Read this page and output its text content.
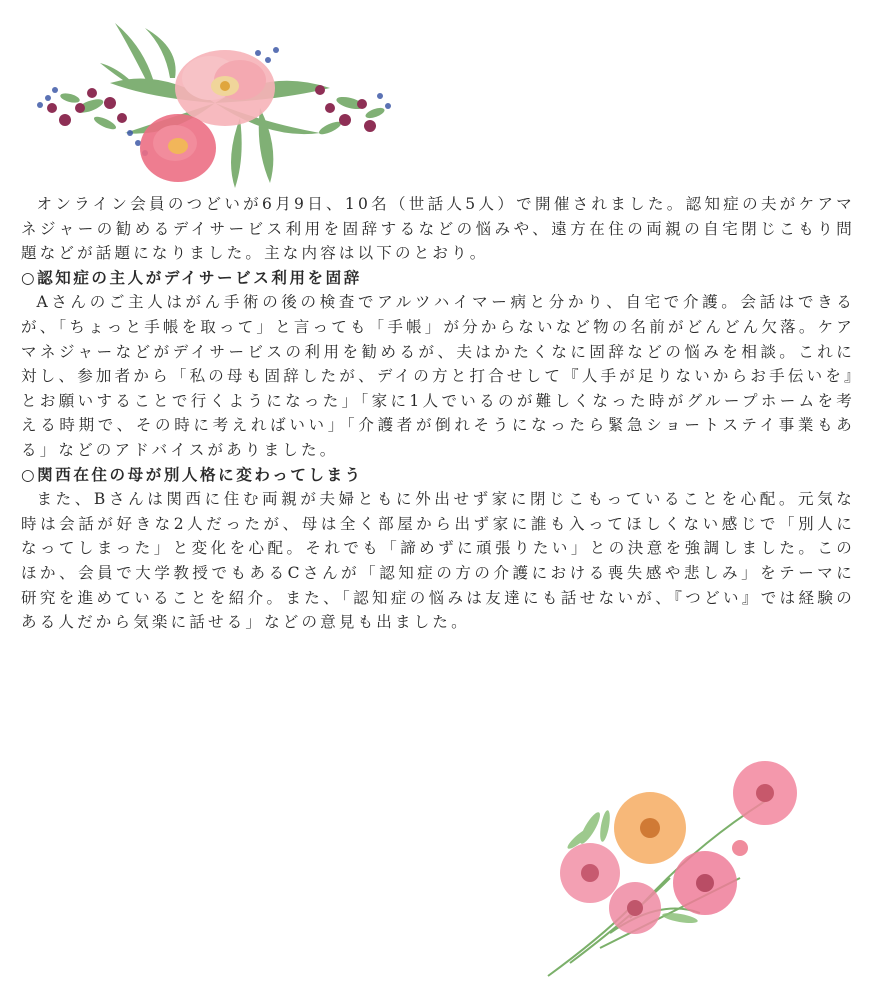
オンライン会員のつどいが6月9日、10名（世話人5人）で開催されました。認知症の夫がケアマネジャーの勧めるデイサービス利用を固辞するなどの悩みや、遠方在住の両親の自宅閉じこもり問題などが話題になりました。主な内容は以下のとおり。

○認知症の主人がデイサービス利用を固辞

Aさんのご主人はがん手術の後の検査でアルツハイマー病と分かり、自宅で介護。会話はできるが、「ちょっと手帳を取って」と言っても「手帳」が分からないなど物の名前がどんどん欠落。ケアマネジャーなどがデイサービスの利用を勧めるが、夫はかたくなに固辞などの悩みを相談。これに対し、参加者から「私の母も固辞したが、デイの方と打合せして『人手が足りないからお手伝いを』とお願いすることで行くようになった」「家に1人でいるのが難しくなった時がグループホームを考える時期で、その時に考えればいい」「介護者が倒れそうになったら緊急ショートステイ事業もある」などのアドバイスがありました。

○関西在住の母が別人格に変わってしまう

また、Bさんは関西に住む両親が夫婦ともに外出せず家に閉じこもっていることを心配。元気な時は会話が好きな2人だったが、母は全く部屋から出ず家に誰も入ってほしくない感じで「別人になってしまった」と変化を心配。それでも「諦めずに頑張りたい」との決意を強調しました。このほか、会員で大学教授でもあるCさんが「認知症の方の介護における喪失感や悲しみ」をテーマに研究を進めていることを紹介。また、「認知症の悩みは友達にも話せないが、『つどい』では経験のある人だから気楽に話せる」などの意見も出ました。
